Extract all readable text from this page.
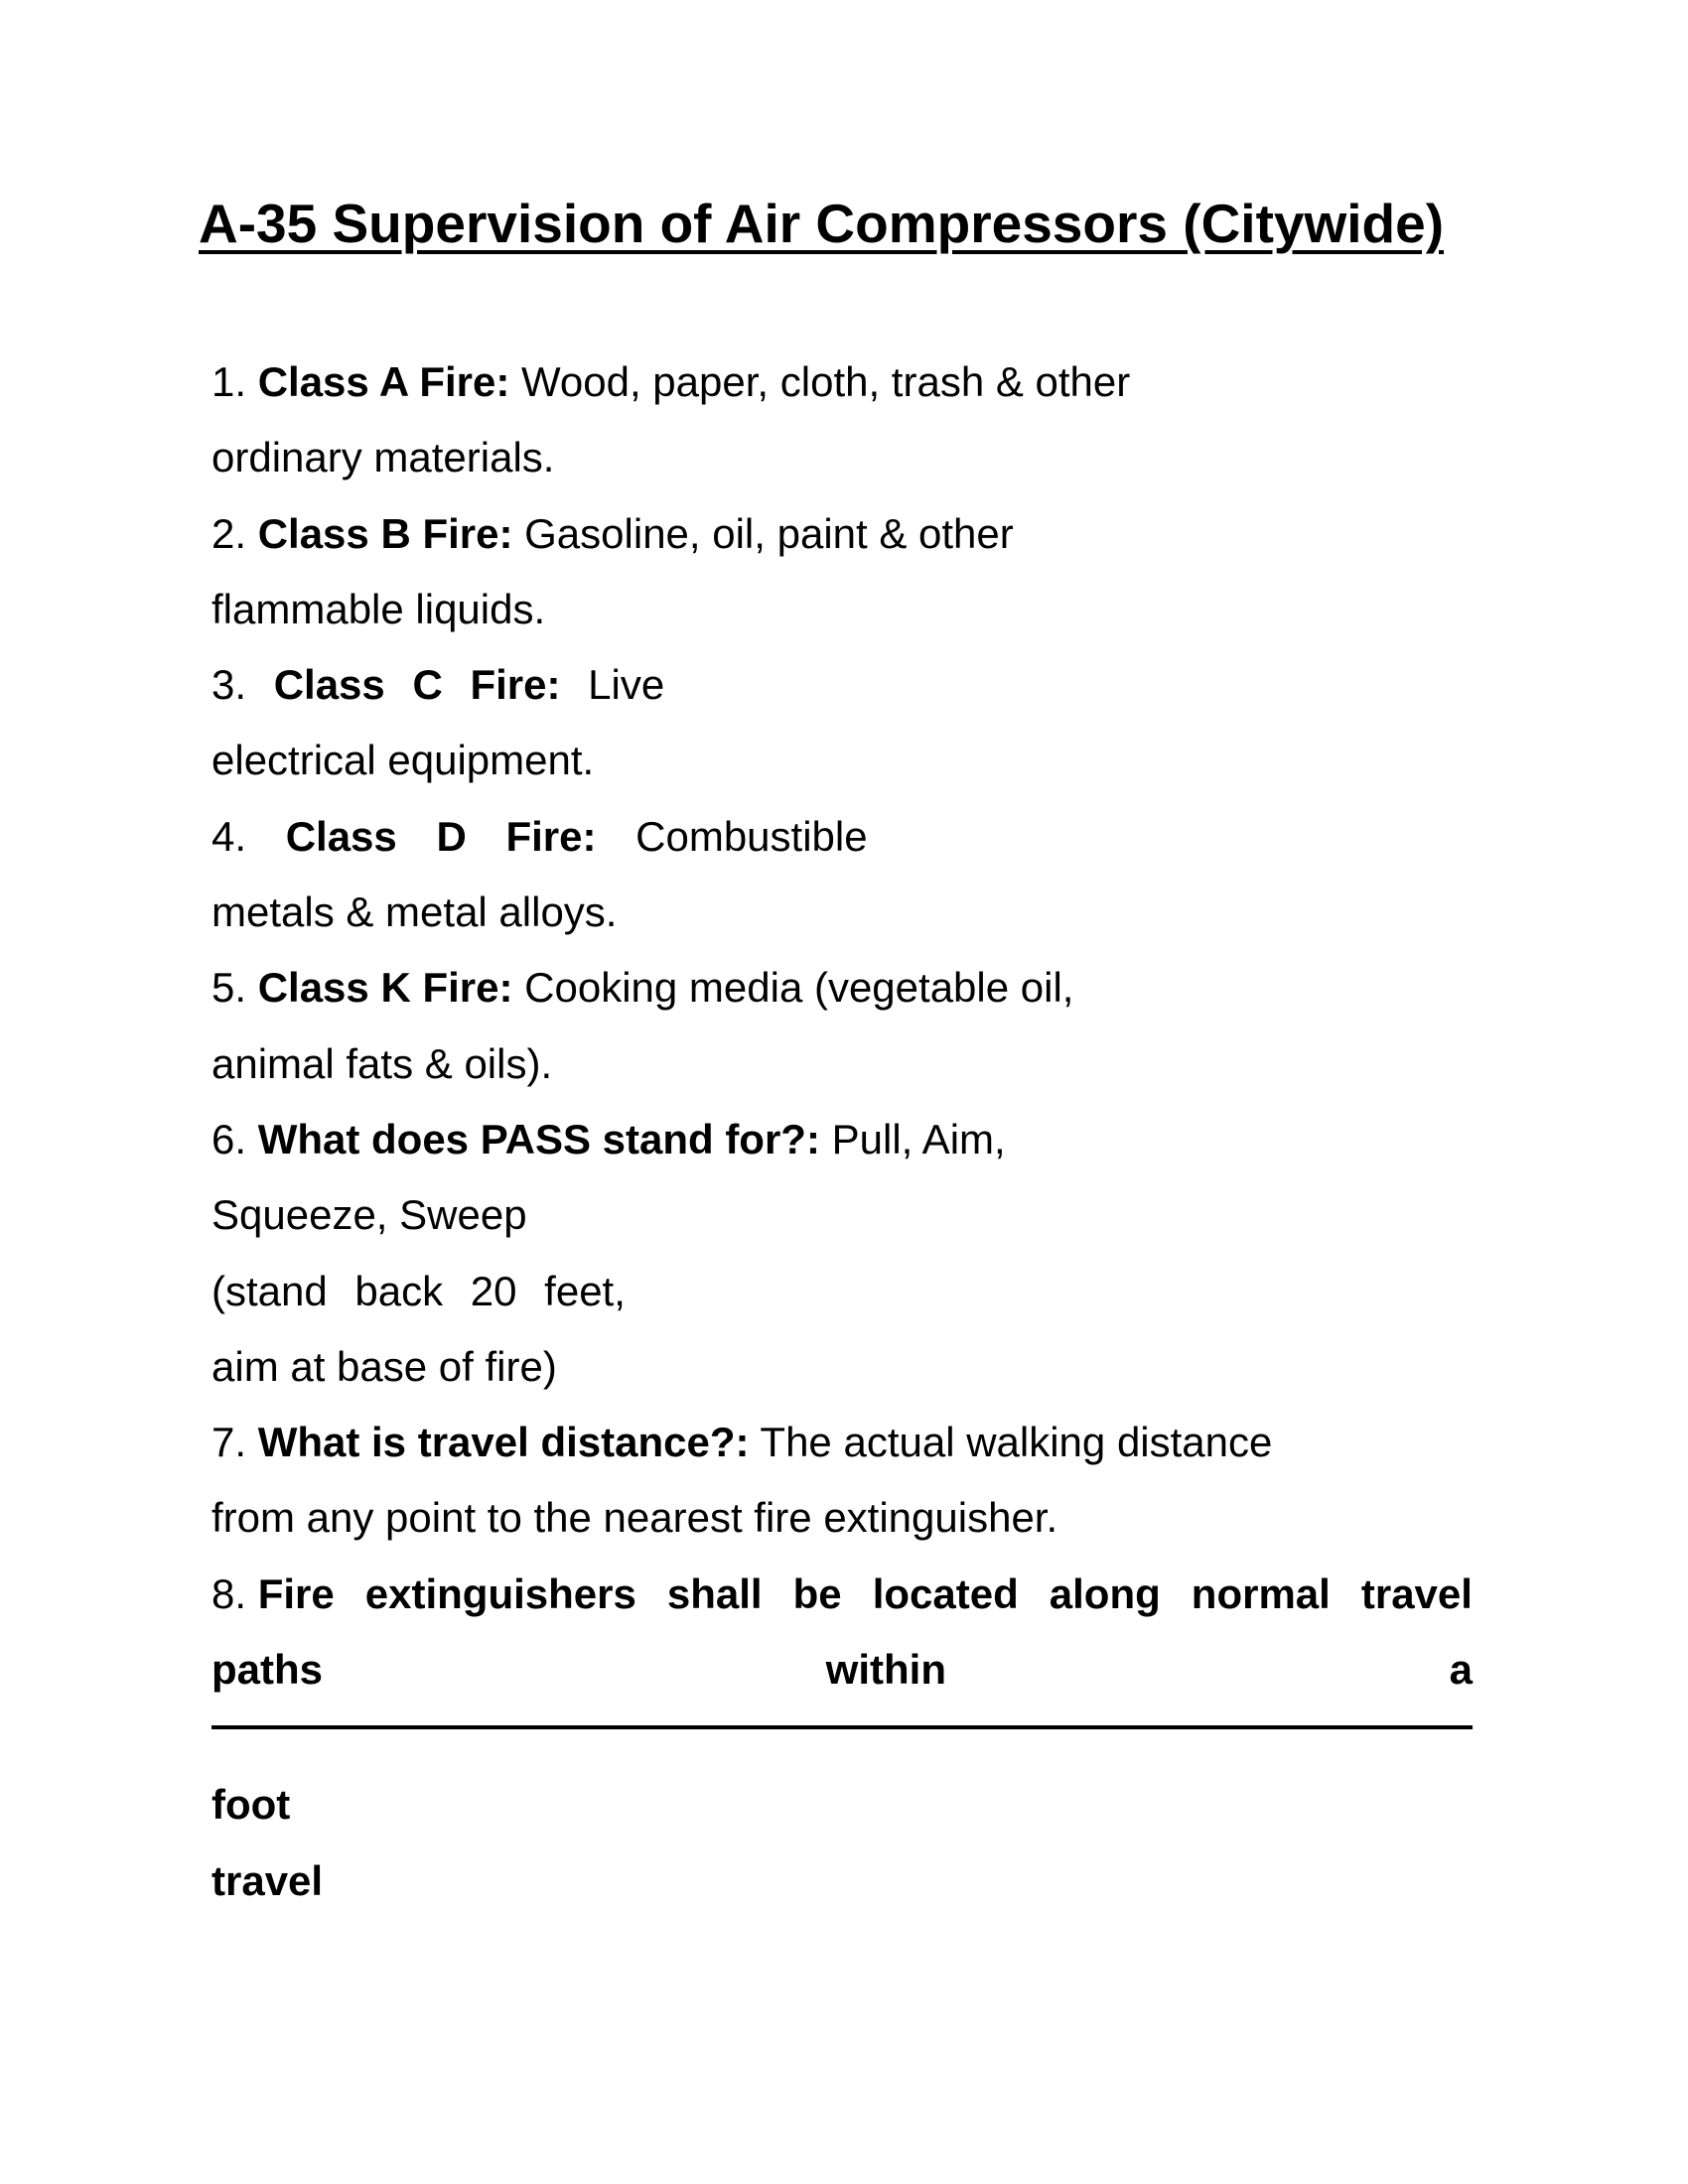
A-35 Supervision of Air Compressors (Citywide)
1. Class A Fire: Wood, paper, cloth, trash & other
ordinary materials.
2. Class B Fire: Gasoline, oil, paint & other
flammable liquids.
3. Class C Fire: Live
electrical equipment.
4. Class D Fire: Combustible
metals & metal alloys.
5. Class K Fire: Cooking media (vegetable oil,
animal fats & oils).
6. What does PASS stand for?: Pull, Aim,
Squeeze, Sweep
(stand back 20 feet,
aim at base of fire)
7. What is travel distance?: The actual walking distance
from any point to the nearest fire extinguisher.
8. Fire extinguishers shall be located along normal travel
paths	within	a
foot
travel
